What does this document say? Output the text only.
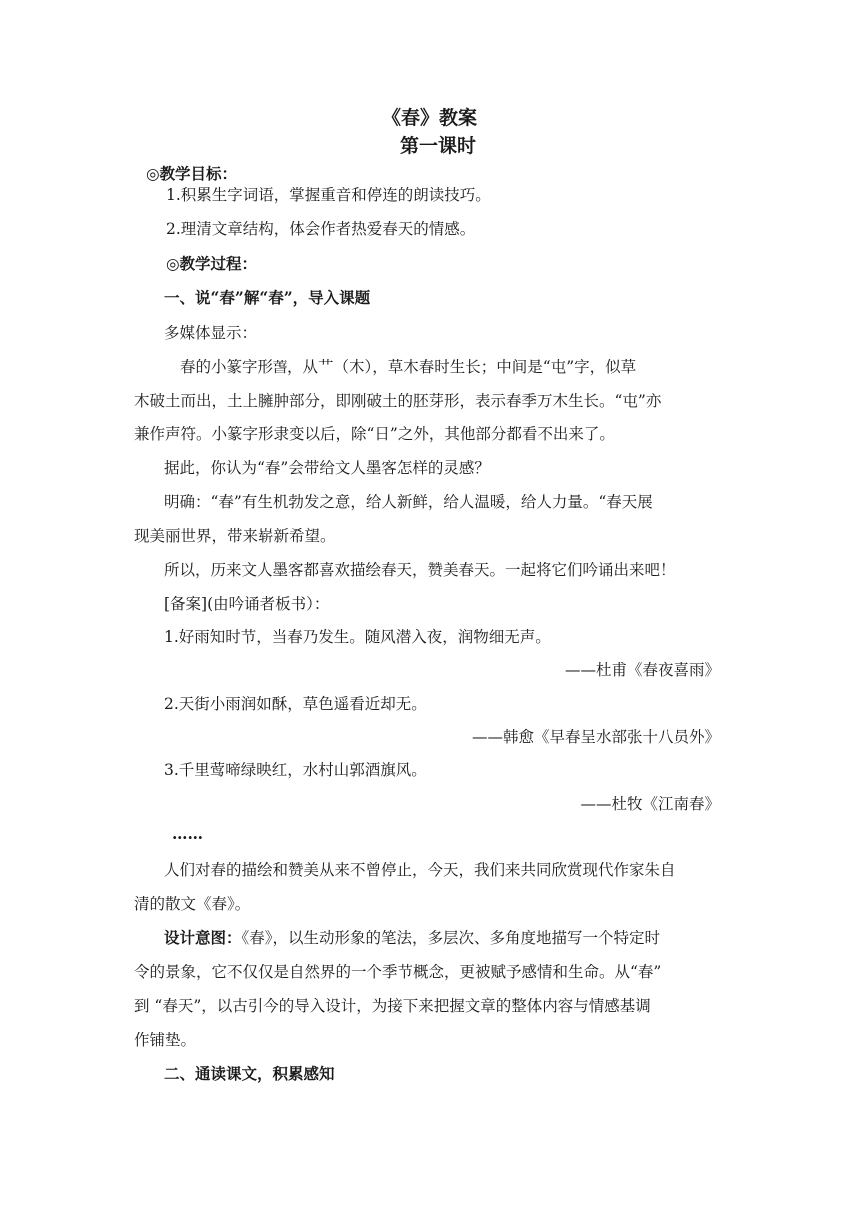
《春》教案
第一课时
◎教学目标：
1.积累生字词语，掌握重音和停连的朗读技巧。
2.理清文章结构，体会作者热爱春天的情感。
◎教学过程：
一、说“春”解“春”，导入课题
多媒体显示：
春的小篆字形萅，从艹（木），草木春时生长；中间是“屯”字，似草
木破土而出，土上臃肿部分，即刚破土的胚芽形，表示春季万木生长。“屯”亦
兼作声符。小篆字形隶变以后，除“日”之外，其他部分都看不出来了。
据此，你认为“春”会带给文人墨客怎样的灵感？
明确：“春”有生机勃发之意，给人新鲜，给人温暖，给人力量。“春天展
现美丽世界，带来崭新希望。
所以，历来文人墨客都喜欢描绘春天，赞美春天。一起将它们吟诵出来吧！
[备案](由吟诵者板书）：
1.好雨知时节，当春乃发生。随风潜入夜，润物细无声。
——杜甫《春夜喜雨》
2.天街小雨润如酥，草色遥看近却无。
——韩愈《早春呈水部张十八员外》
3.千里莺啼绿映红，水村山郭酒旗风。
——杜牧《江南春》
……
人们对春的描绘和赞美从来不曾停止，今天，我们来共同欣赏现代作家朱自
清的散文《春》。
设计意图：《春》，以生动形象的笔法，多层次、多角度地描写一个特定时
令的景象，它不仅仅是自然界的一个季节概念，更被赋予感情和生命。从“春”
到 “春天”，以古引今的导入设计，为接下来把握文章的整体内容与情感基调
作铺垫。
二、通读课文，积累感知
